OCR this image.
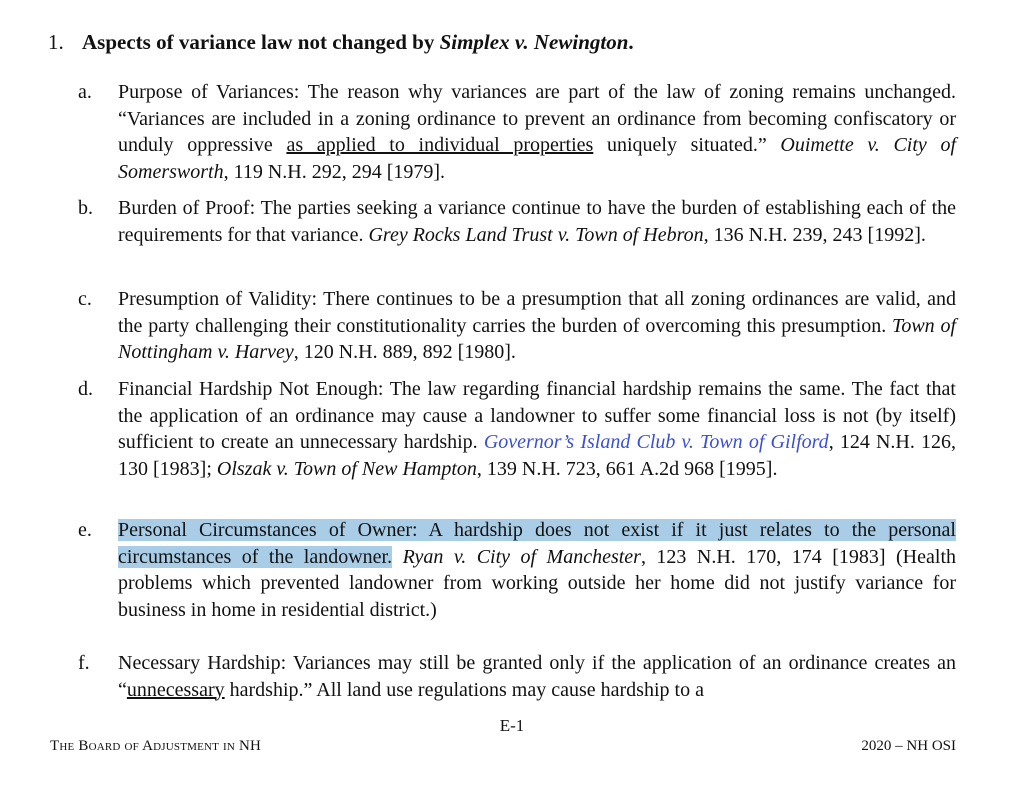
1. Aspects of variance law not changed by Simplex v. Newington.
a.	Purpose of Variances: The reason why variances are part of the law of zoning remains unchanged. “Variances are included in a zoning ordinance to prevent an ordinance from becoming confiscatory or unduly oppressive as applied to individual properties uniquely situated.” Ouimette v. City of Somersworth, 119 N.H. 292, 294 [1979].
b.	Burden of Proof: The parties seeking a variance continue to have the burden of establishing each of the requirements for that variance. Grey Rocks Land Trust v. Town of Hebron, 136 N.H. 239, 243 [1992].
c.	Presumption of Validity: There continues to be a presumption that all zoning ordinances are valid, and the party challenging their constitutionality carries the burden of overcoming this presumption. Town of Nottingham v. Harvey, 120 N.H. 889, 892 [1980].
d.	Financial Hardship Not Enough: The law regarding financial hardship remains the same. The fact that the application of an ordinance may cause a landowner to suffer some financial loss is not (by itself) sufficient to create an unnecessary hardship. Governor’s Island Club v. Town of Gilford, 124 N.H. 126, 130 [1983]; Olszak v. Town of New Hampton, 139 N.H. 723, 661 A.2d 968 [1995].
e.	Personal Circumstances of Owner: A hardship does not exist if it just relates to the personal circumstances of the landowner. Ryan v. City of Manchester, 123 N.H. 170, 174 [1983] (Health problems which prevented landowner from working outside her home did not justify variance for business in home in residential district.)
f.	Necessary Hardship: Variances may still be granted only if the application of an ordinance creates an “unnecessary hardship.” All land use regulations may cause hardship to a
E-1
The Board of Adjustment in NH	2020 – NH OSI
